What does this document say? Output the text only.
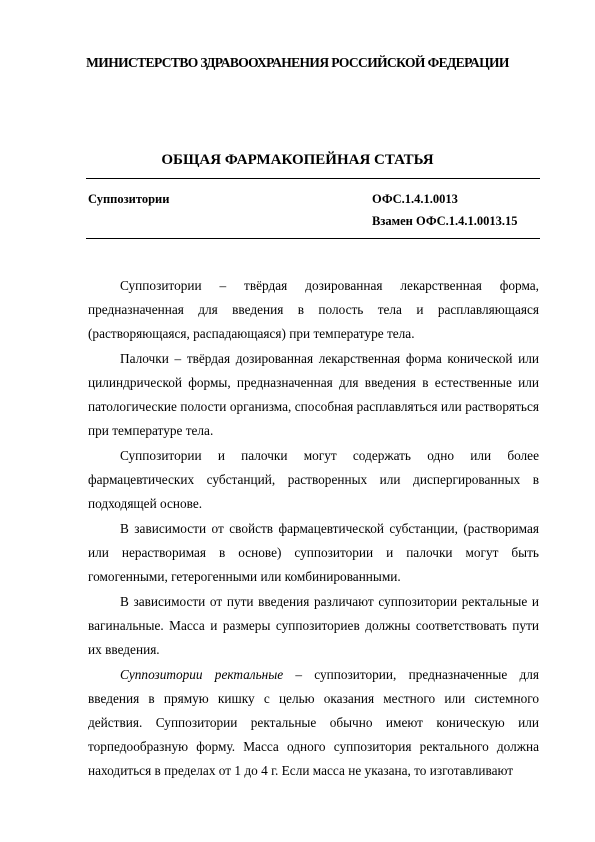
МИНИСТЕРСТВО ЗДРАВООХРАНЕНИЯ РОССИЙСКОЙ ФЕДЕРАЦИИ
ОБЩАЯ ФАРМАКОПЕЙНАЯ СТАТЬЯ
Суппозитории	ОФС.1.4.1.0013
Взамен ОФС.1.4.1.0013.15

Суппозитории – твёрдая дозированная лекарственная форма, предназначенная для введения в полость тела и расплавляющаяся (растворяющаяся, распадающаяся) при температуре тела.

Палочки – твёрдая дозированная лекарственная форма конической или цилиндрической формы, предназначенная для введения в естественные или патологические полости организма, способная расплавляться или растворяться при температуре тела.

Суппозитории и палочки могут содержать одно или более фармацевтических субстанций, растворенных или диспергированных в подходящей основе.

В зависимости от свойств фармацевтической субстанции, (растворимая или нерастворимая в основе) суппозитории и палочки могут быть гомогенными, гетерогенными или комбинированными.

В зависимости от пути введения различают суппозитории ректальные и вагинальные. Масса и размеры суппозиториев должны соответствовать пути их введения.

Суппозитории ректальные – суппозитории, предназначенные для введения в прямую кишку с целью оказания местного или системного действия. Суппозитории ректальные обычно имеют коническую или торпедообразную форму. Масса одного суппозитория ректального должна находиться в пределах от 1 до 4 г. Если масса не указана, то изготавливают
